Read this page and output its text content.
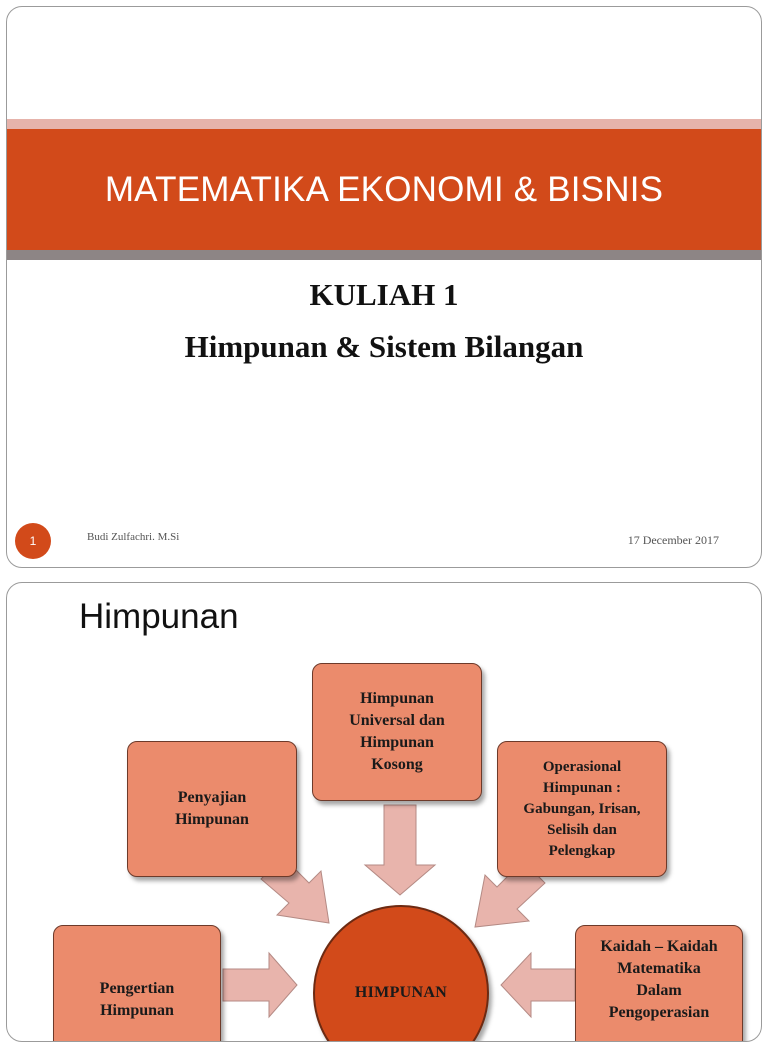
MATEMATIKA EKONOMI & BISNIS
KULIAH 1
Himpunan & Sistem Bilangan
1	Budi Zulfachri. M.Si	17 December 2017
Himpunan
Himpunan
Universal dan
Himpunan
Kosong
Penyajian
Himpunan
Operasional
Himpunan :
Gabungan, Irisan,
Selisih dan
Pelengkap
Pengertian
Himpunan
Kaidah – Kaidah
Matematika
Dalam
Pengoperasian
HIMPUNAN
